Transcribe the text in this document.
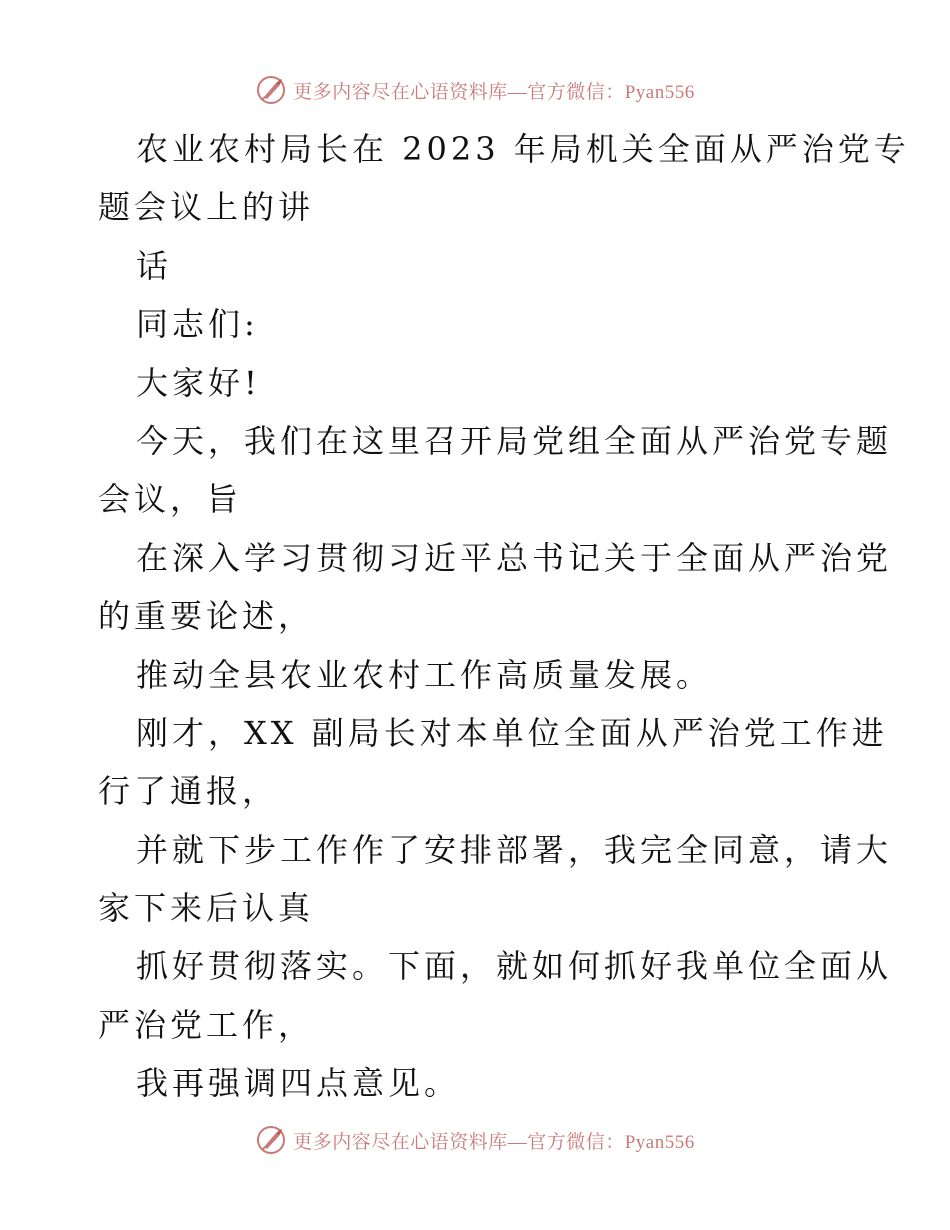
更多内容尽在心语资料库—官方微信：Pyan556
农业农村局长在 2023 年局机关全面从严治党专
题会议上的讲
话
同志们:
大家好!
今天，我们在这里召开局党组全面从严治党专题
会议，旨
在深入学习贯彻习近平总书记关于全面从严治党
的重要论述，
推动全县农业农村工作高质量发展。
刚才，XX 副局长对本单位全面从严治党工作进
行了通报，
并就下步工作作了安排部署，我完全同意，请大
家下来后认真
抓好贯彻落实。下面，就如何抓好我单位全面从
严治党工作，
我再强调四点意见。
更多内容尽在心语资料库—官方微信：Pyan556
